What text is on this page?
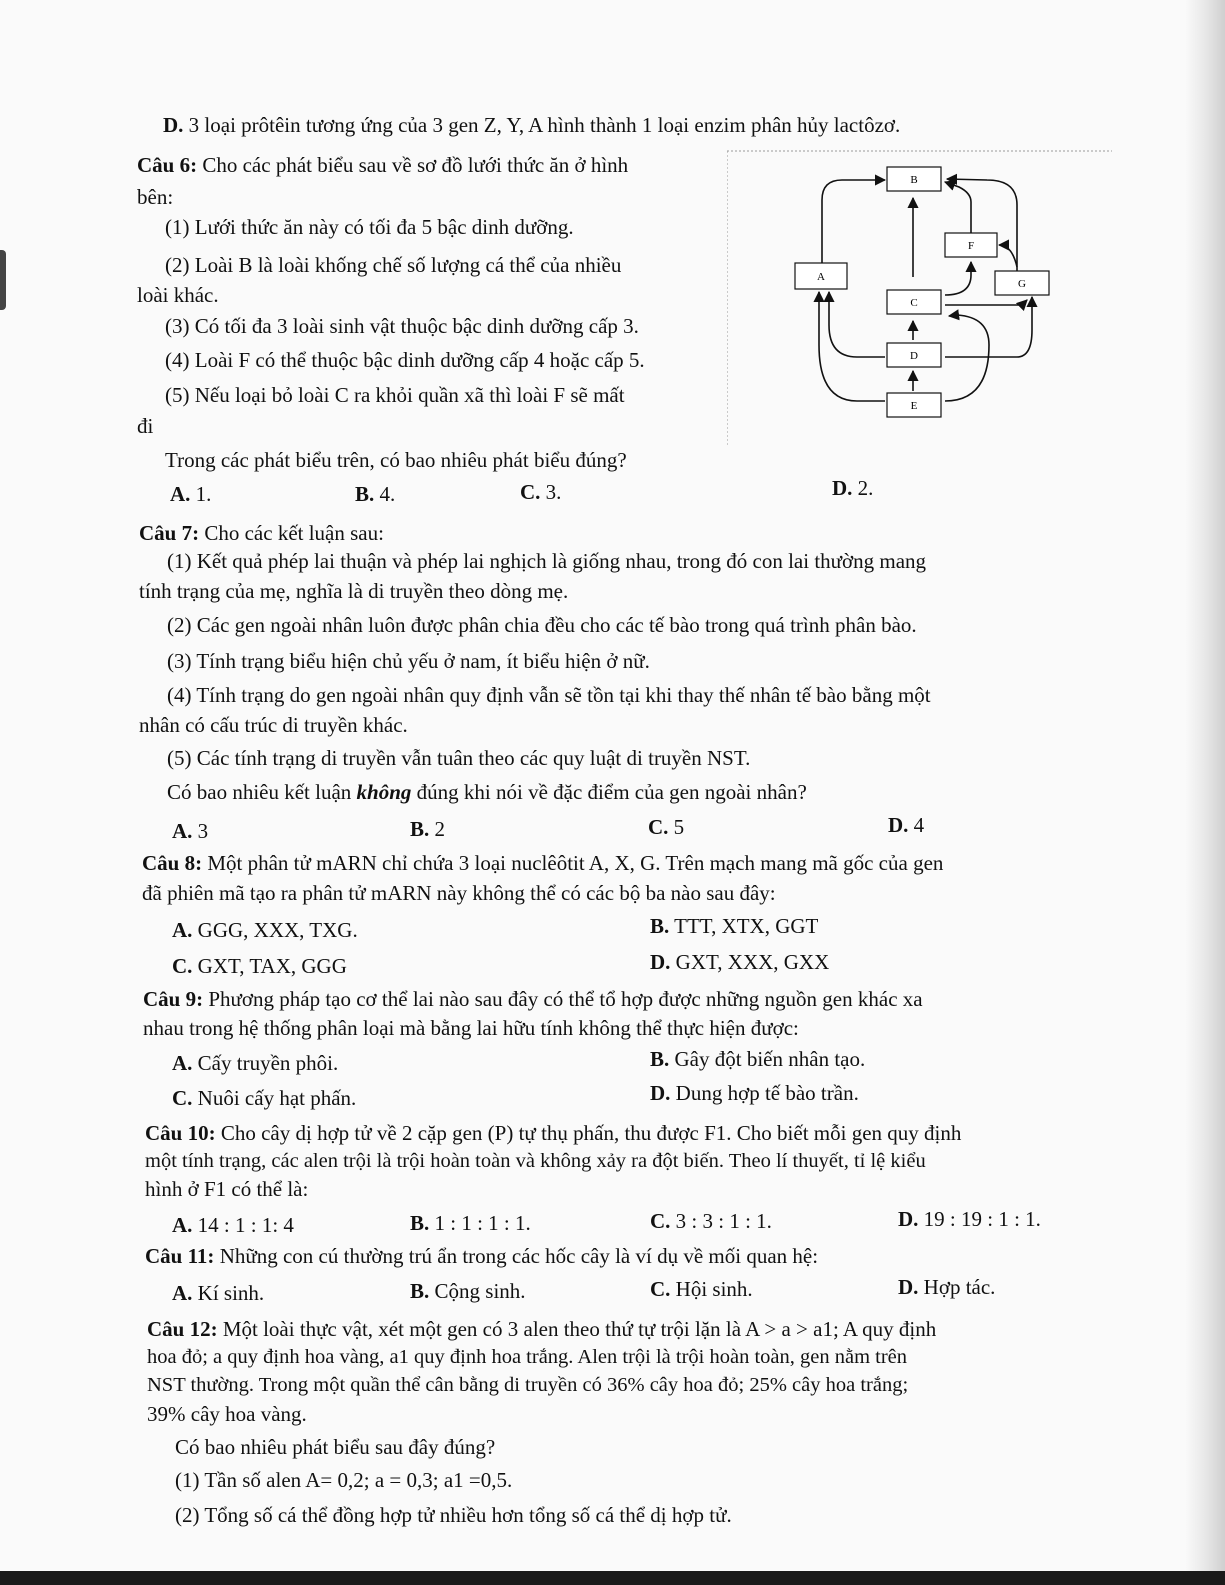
D. 3 loại prôtêin tương ứng của 3 gen Z, Y, A hình thành 1 loại enzim phân hủy lactôzơ.
Câu 6: Cho các phát biểu sau về sơ đồ lưới thức ăn ở hình
bên:
(1) Lưới thức ăn này có tối đa 5 bậc dinh dưỡng.
(2) Loài B là loài khống chế số lượng cá thể của nhiều
loài khác.
(3) Có tối đa 3 loài sinh vật thuộc bậc dinh dưỡng cấp 3.
(4) Loài F có thể thuộc bậc dinh dưỡng cấp 4 hoặc cấp 5.
(5) Nếu loại bỏ loài C ra khỏi quần xã thì loài F sẽ mất
đi
Trong các phát biểu trên, có bao nhiêu phát biểu đúng?
A. 1.	B. 4.	C. 3.	D. 2.
B
F
A
G
C
D
E
Câu 7: Cho các kết luận sau:
(1) Kết quả phép lai thuận và phép lai nghịch là giống nhau, trong đó con lai thường mang
tính trạng của mẹ, nghĩa là di truyền theo dòng mẹ.
(2) Các gen ngoài nhân luôn được phân chia đều cho các tế bào trong quá trình phân bào.
(3) Tính trạng biểu hiện chủ yếu ở nam, ít biểu hiện ở nữ.
(4) Tính trạng do gen ngoài nhân quy định vẫn sẽ tồn tại khi thay thế nhân tế bào bằng một
nhân có cấu trúc di truyền khác.
(5) Các tính trạng di truyền vẫn tuân theo các quy luật di truyền NST.
Có bao nhiêu kết luận không đúng khi nói về đặc điểm của gen ngoài nhân?
A. 3	B. 2	C. 5	D. 4
Câu 8: Một phân tử mARN chỉ chứa 3 loại nuclêôtit A, X, G. Trên mạch mang mã gốc của gen
đã phiên mã tạo ra phân tử mARN này không thể có các bộ ba nào sau đây:
A. GGG, XXX, TXG.	B. TTT, XTX, GGT
C. GXT, TAX, GGG	D. GXT, XXX, GXX
Câu 9: Phương pháp tạo cơ thể lai nào sau đây có thể tổ hợp được những nguồn gen khác xa
nhau trong hệ thống phân loại mà bằng lai hữu tính không thể thực hiện được:
A. Cấy truyền phôi.	B. Gây đột biến nhân tạo.
C. Nuôi cấy hạt phấn.	D. Dung hợp tế bào trần.
Câu 10: Cho cây dị hợp tử về 2 cặp gen (P) tự thụ phấn, thu được F1. Cho biết mỗi gen quy định
một tính trạng, các alen trội là trội hoàn toàn và không xảy ra đột biến. Theo lí thuyết, tỉ lệ kiểu
hình ở F1 có thể là:
A. 14 : 1 : 1: 4	B. 1 : 1 : 1 : 1.	C. 3 : 3 : 1 : 1.	D. 19 : 19 : 1 : 1.
Câu 11: Những con cú thường trú ẩn trong các hốc cây là ví dụ về mối quan hệ:
A. Kí sinh.	B. Cộng sinh.	C. Hội sinh.	D. Hợp tác.
Câu 12: Một loài thực vật, xét một gen có 3 alen theo thứ tự trội lặn là A > a > a1; A quy định
hoa đỏ; a quy định hoa vàng, a1 quy định hoa trắng. Alen trội là trội hoàn toàn, gen nằm trên
NST thường. Trong một quần thể cân bằng di truyền có 36% cây hoa đỏ; 25% cây hoa trắng;
39% cây hoa vàng.
Có bao nhiêu phát biểu sau đây đúng?
(1) Tần số alen A= 0,2; a = 0,3; a1 =0,5.
(2) Tổng số cá thể đồng hợp tử nhiều hơn tổng số cá thể dị hợp tử.
